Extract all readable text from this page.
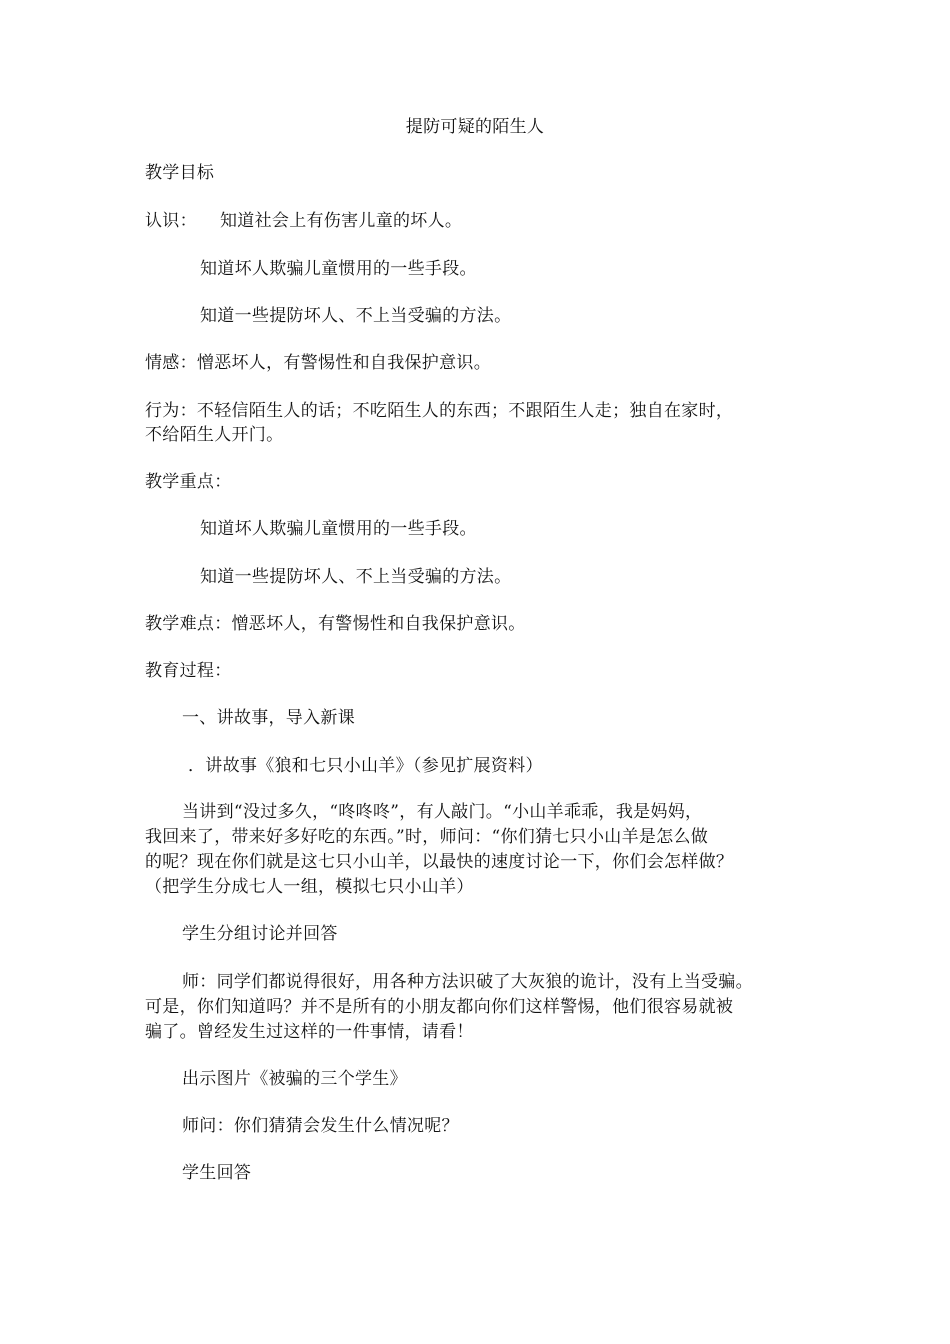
提防可疑的陌生人
教学目标
认识： 知道社会上有伤害儿童的坏人。
知道坏人欺骗儿童惯用的一些手段。
知道一些提防坏人、不上当受骗的方法。
情感：憎恶坏人，有警惕性和自我保护意识。
行为：不轻信陌生人的话；不吃陌生人的东西；不跟陌生人走；独自在家时，
不给陌生人开门。
教学重点：
知道坏人欺骗儿童惯用的一些手段。
知道一些提防坏人、不上当受骗的方法。
教学难点：憎恶坏人，有警惕性和自我保护意识。
教育过程：
一、讲故事，导入新课
．讲故事《狼和七只小山羊》（参见扩展资料）
当讲到“没过多久，“咚咚咚”，有人敲门。“小山羊乖乖，我是妈妈，
我回来了，带来好多好吃的东西。”时，师问：“你们猜七只小山羊是怎么做
的呢？现在你们就是这七只小山羊，以最快的速度讨论一下，你们会怎样做？
（把学生分成七人一组，模拟七只小山羊）
学生分组讨论并回答
师：同学们都说得很好，用各种方法识破了大灰狼的诡计，没有上当受骗。
可是，你们知道吗？并不是所有的小朋友都向你们这样警惕，他们很容易就被
骗了。曾经发生过这样的一件事情，请看！
出示图片《被骗的三个学生》
师问：你们猜猜会发生什么情况呢？
学生回答
